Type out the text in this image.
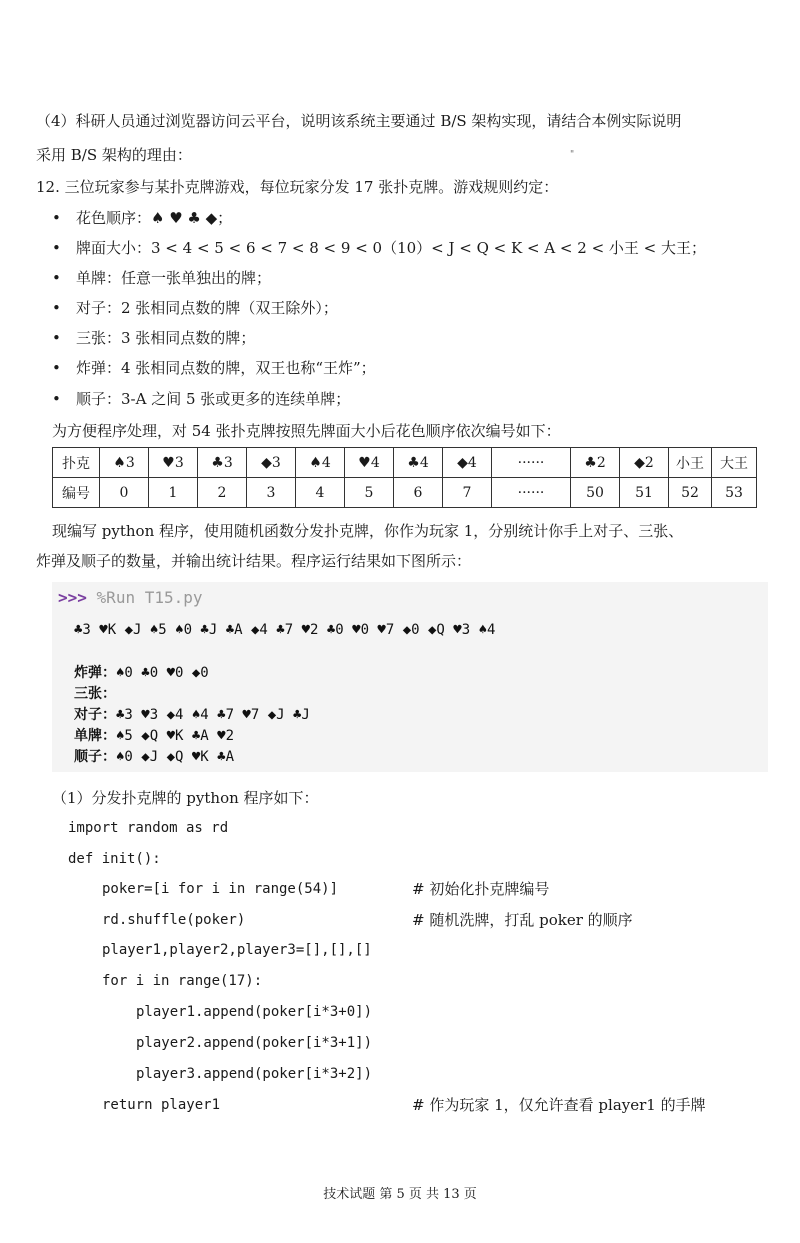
（4）科研人员通过浏览器访问云平台，说明该系统主要通过 B/S 架构实现，请结合本例实际说明
采用 B/S 架构的理由：	"
12. 三位玩家参与某扑克牌游戏，每位玩家分发 17 张扑克牌。游戏规则约定：
• 花色顺序：♠ ♥ ♣ ◆；
• 牌面大小：3 < 4 < 5 < 6 < 7 < 8 < 9 < 0（10）< J < Q < K < A < 2 < 小王 < 大王；
• 单牌：任意一张单独出的牌；
• 对子：2 张相同点数的牌（双王除外）；
• 三张：3 张相同点数的牌；
• 炸弹：4 张相同点数的牌，双王也称“王炸”；
• 顺子：3-A 之间 5 张或更多的连续单牌；
为方便程序处理，对 54 张扑克牌按照先牌面大小后花色顺序依次编号如下：
扑克	♠3	♥3	♣3	◆3	♠4	♥4	♣4	◆4	······	♣2	◆2	小王	大王
编号	0	1	2	3	4	5	6	7	······	50	51	52	53
现编写 python 程序，使用随机函数分发扑克牌，你作为玩家 1，分别统计你手上对子、三张、
炸弹及顺子的数量，并输出统计结果。程序运行结果如下图所示：
>>> %Run T15.py
♣3 ♥K ◆J ♠5 ♠0 ♣J ♣A ◆4 ♣7 ♥2 ♣0 ♥0 ♥7 ◆0 ◆Q ♥3 ♠4
炸弹：♠0 ♣0 ♥0 ◆0
三张：
对子：♣3 ♥3 ◆4 ♠4 ♣7 ♥7 ◆J ♣J
单牌：♠5 ◆Q ♥K ♣A ♥2
顺子：♠0 ◆J ◆Q ♥K ♣A
（1）分发扑克牌的 python 程序如下：
import random as rd
def init():
poker=[i for i in range(54)]
rd.shuffle(poker)
player1,player2,player3=[],[],[]
for i in range(17):
player1.append(poker[i*3+0])
player2.append(poker[i*3+1])
player3.append(poker[i*3+2])
return player1
# 初始化扑克牌编号
# 随机洗牌，打乱 poker 的顺序
# 作为玩家 1，仅允许查看 player1 的手牌
技术试题 第 5 页 共 13 页
